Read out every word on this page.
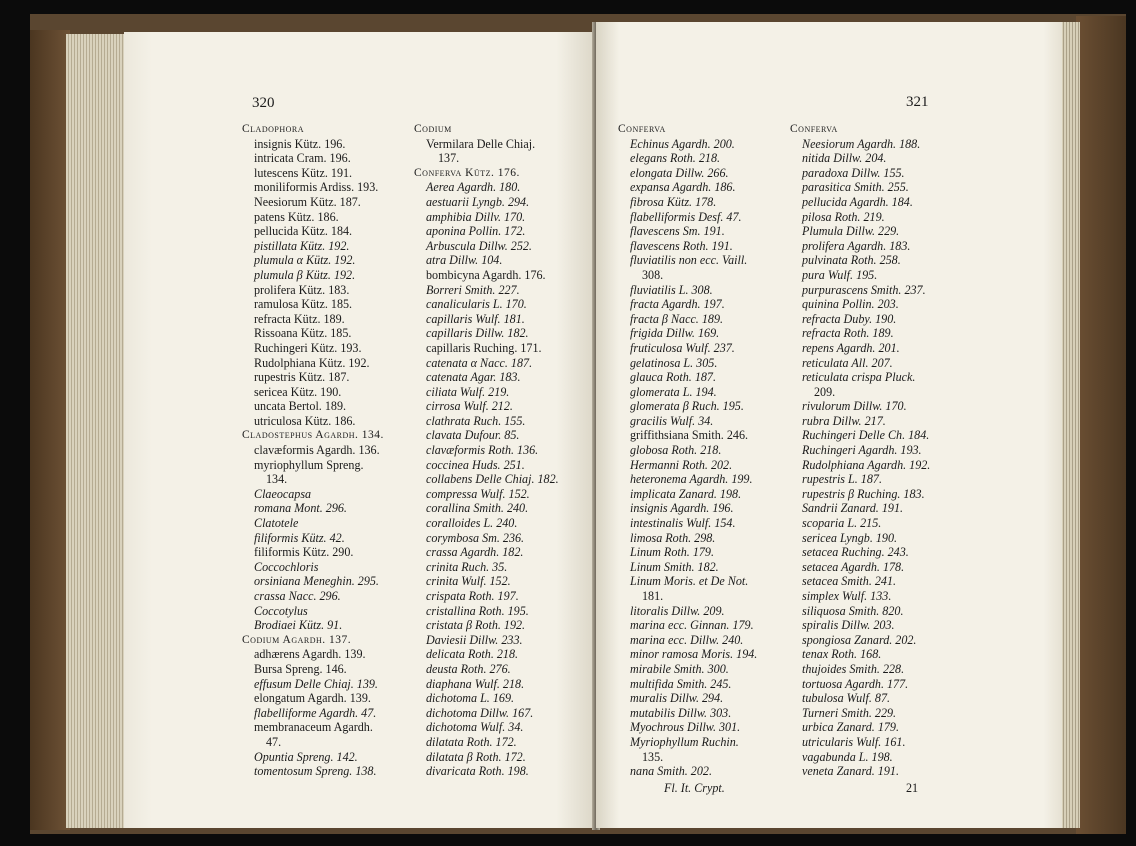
320
Cladophora
insignis Kütz. 196.
intricata Cram. 196.
lutescens Kütz. 191.
moniliformis Ardiss. 193.
Neesiorum Kütz. 187.
patens Kütz. 186.
pellucida Kütz. 184.
pistillata Kütz. 192.
plumula α Kütz. 192.
plumula β Kütz. 192.
prolifera Kütz. 183.
ramulosa Kütz. 185.
refracta Kütz. 189.
Rissoana Kütz. 185.
Ruchingeri Kütz. 193.
Rudolphiana Kütz. 192.
rupestris Kütz. 187.
sericea Kütz. 190.
uncata Bertol. 189.
utriculosa Kütz. 186.
Cladostephus Agardh. 134.
clavæformis Agardh. 136.
myriophyllum Spreng.
134.
Claeocapsa
romana Mont. 296.
Clatotele
filiformis Kütz. 42.
filiformis Kütz. 290.
Coccochloris
orsiniana Meneghin. 295.
crassa Nacc. 296.
Coccotylus
Brodiaei Kütz. 91.
Codium Agardh. 137.
adhærens Agardh. 139.
Bursa Spreng. 146.
effusum Delle Chiaj. 139.
elongatum Agardh. 139.
flabelliforme Agardh. 47.
membranaceum Agardh.
47.
Opuntia Spreng. 142.
tomentosum Spreng. 138.
Codium
Vermilara Delle Chiaj.
137.
Conferva Kütz. 176.
Aerea Agardh. 180.
aestuarii Lyngb. 294.
amphibia Dillv. 170.
aponina Pollin. 172.
Arbuscula Dillw. 252.
atra Dillw. 104.
bombicyna Agardh. 176.
Borreri Smith. 227.
canalicularis L. 170.
capillaris Wulf. 181.
capillaris Dillw. 182.
capillaris Ruching. 171.
catenata α Nacc. 187.
catenata Agar. 183.
ciliata Wulf. 219.
cirrosa Wulf. 212.
clathrata Ruch. 155.
clavata Dufour. 85.
clavæformis Roth. 136.
coccinea Huds. 251.
collabens Delle Chiaj. 182.
compressa Wulf. 152.
corallina Smith. 240.
coralloides L. 240.
corymbosa Sm. 236.
crassa Agardh. 182.
crinita Ruch. 35.
crinita Wulf. 152.
crispata Roth. 197.
cristallina Roth. 195.
cristata β Roth. 192.
Daviesii Dillw. 233.
delicata Roth. 218.
deusta Roth. 276.
diaphana Wulf. 218.
dichotoma L. 169.
dichotoma Dillw. 167.
dichotoma Wulf. 34.
dilatata Roth. 172.
dilatata β Roth. 172.
divaricata Roth. 198.
321
Conferva
Echinus Agardh. 200.
elegans Roth. 218.
elongata Dillw. 266.
expansa Agardh. 186.
fibrosa Kütz. 178.
flabelliformis Desf. 47.
flavescens Sm. 191.
flavescens Roth. 191.
fluviatilis non ecc. Vaill.
308.
fluviatilis L. 308.
fracta Agardh. 197.
fracta β Nacc. 189.
frigida Dillw. 169.
fruticulosa Wulf. 237.
gelatinosa L. 305.
glauca Roth. 187.
glomerata L. 194.
glomerata β Ruch. 195.
gracilis Wulf. 34.
griffithsiana Smith. 246.
globosa Roth. 218.
Hermanni Roth. 202.
heteronema Agardh. 199.
implicata Zanard. 198.
insignis Agardh. 196.
intestinalis Wulf. 154.
limosa Roth. 298.
Linum Roth. 179.
Linum Smith. 182.
Linum Moris. et De Not.
181.
litoralis Dillw. 209.
marina ecc. Ginnan. 179.
marina ecc. Dillw. 240.
minor ramosa Moris. 194.
mirabile Smith. 300.
multifida Smith. 245.
muralis Dillw. 294.
mutabilis Dillw. 303.
Myochrous Dillw. 301.
Myriophyllum Ruchin.
135.
nana Smith. 202.
Conferva
Neesiorum Agardh. 188.
nitida Dillw. 204.
paradoxa Dillw. 155.
parasitica Smith. 255.
pellucida Agardh. 184.
pilosa Roth. 219.
Plumula Dillw. 229.
prolifera Agardh. 183.
pulvinata Roth. 258.
pura Wulf. 195.
purpurascens Smith. 237.
quinina Pollin. 203.
refracta Duby. 190.
refracta Roth. 189.
repens Agardh. 201.
reticulata All. 207.
reticulata crispa Pluck.
209.
rivulorum Dillw. 170.
rubra Dillw. 217.
Ruchingeri Delle Ch. 184.
Ruchingeri Agardh. 193.
Rudolphiana Agardh. 192.
rupestris L. 187.
rupestris β Ruching. 183.
Sandrii Zanard. 191.
scoparia L. 215.
sericea Lyngb. 190.
setacea Ruching. 243.
setacea Agardh. 178.
setacea Smith. 241.
simplex Wulf. 133.
siliquosa Smith. 820.
spiralis Dillw. 203.
spongiosa Zanard. 202.
tenax Roth. 168.
thujoides Smith. 228.
tortuosa Agardh. 177.
tubulosa Wulf. 87.
Turneri Smith. 229.
urbica Zanard. 179.
utricularis Wulf. 161.
vagabunda L. 198.
veneta Zanard. 191.
Fl. It. Crypt.	21
